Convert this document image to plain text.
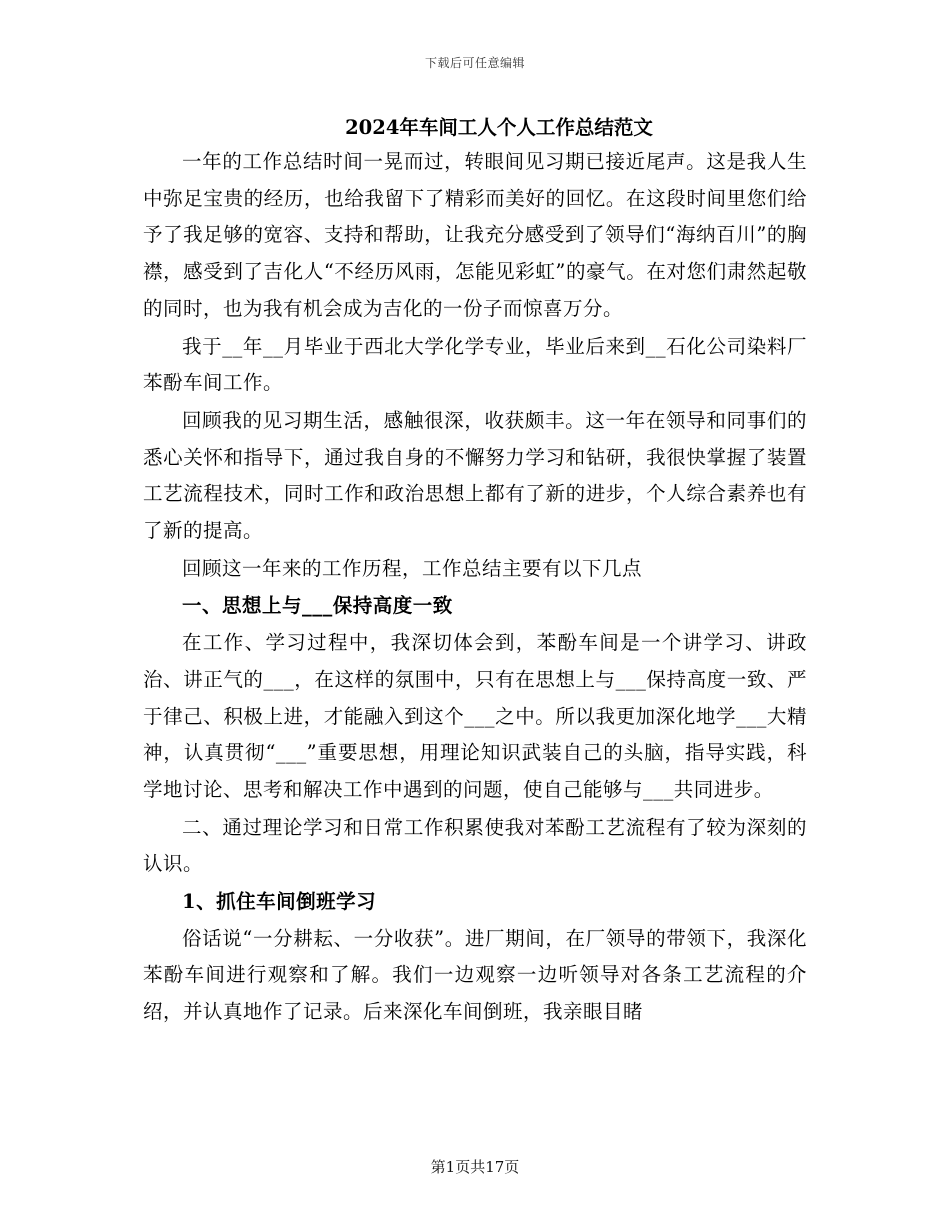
下载后可任意编辑
2024年车间工人个人工作总结范文

一年的工作总结时间一晃而过，转眼间见习期已接近尾声。这是我人生中弥足宝贵的经历，也给我留下了精彩而美好的回忆。在这段时间里您们给予了我足够的宽容、支持和帮助，让我充分感受到了领导们“海纳百川”的胸襟，感受到了吉化人“不经历风雨，怎能见彩虹”的豪气。在对您们肃然起敬的同时，也为我有机会成为吉化的一份子而惊喜万分。

我于__年__月毕业于西北大学化学专业，毕业后来到__石化公司染料厂苯酚车间工作。

回顾我的见习期生活，感触很深，收获颇丰。这一年在领导和同事们的悉心关怀和指导下，通过我自身的不懈努力学习和钻研，我很快掌握了装置工艺流程技术，同时工作和政治思想上都有了新的进步，个人综合素养也有了新的提高。

回顾这一年来的工作历程，工作总结主要有以下几点

一、思想上与___保持高度一致

在工作、学习过程中，我深切体会到，苯酚车间是一个讲学习、讲政治、讲正气的___，在这样的氛围中，只有在思想上与___保持高度一致、严于律己、积极上进，才能融入到这个___之中。所以我更加深化地学___大精神，认真贯彻“___”重要思想，用理论知识武装自己的头脑，指导实践，科学地讨论、思考和解决工作中遇到的问题，使自己能够与___共同进步。

二、通过理论学习和日常工作积累使我对苯酚工艺流程有了较为深刻的认识。

1、抓住车间倒班学习

俗话说“一分耕耘、一分收获”。进厂期间，在厂领导的带领下，我深化苯酚车间进行观察和了解。我们一边观察一边听领导对各条工艺流程的介绍，并认真地作了记录。后来深化车间倒班，我亲眼目睹

第1页共17页
